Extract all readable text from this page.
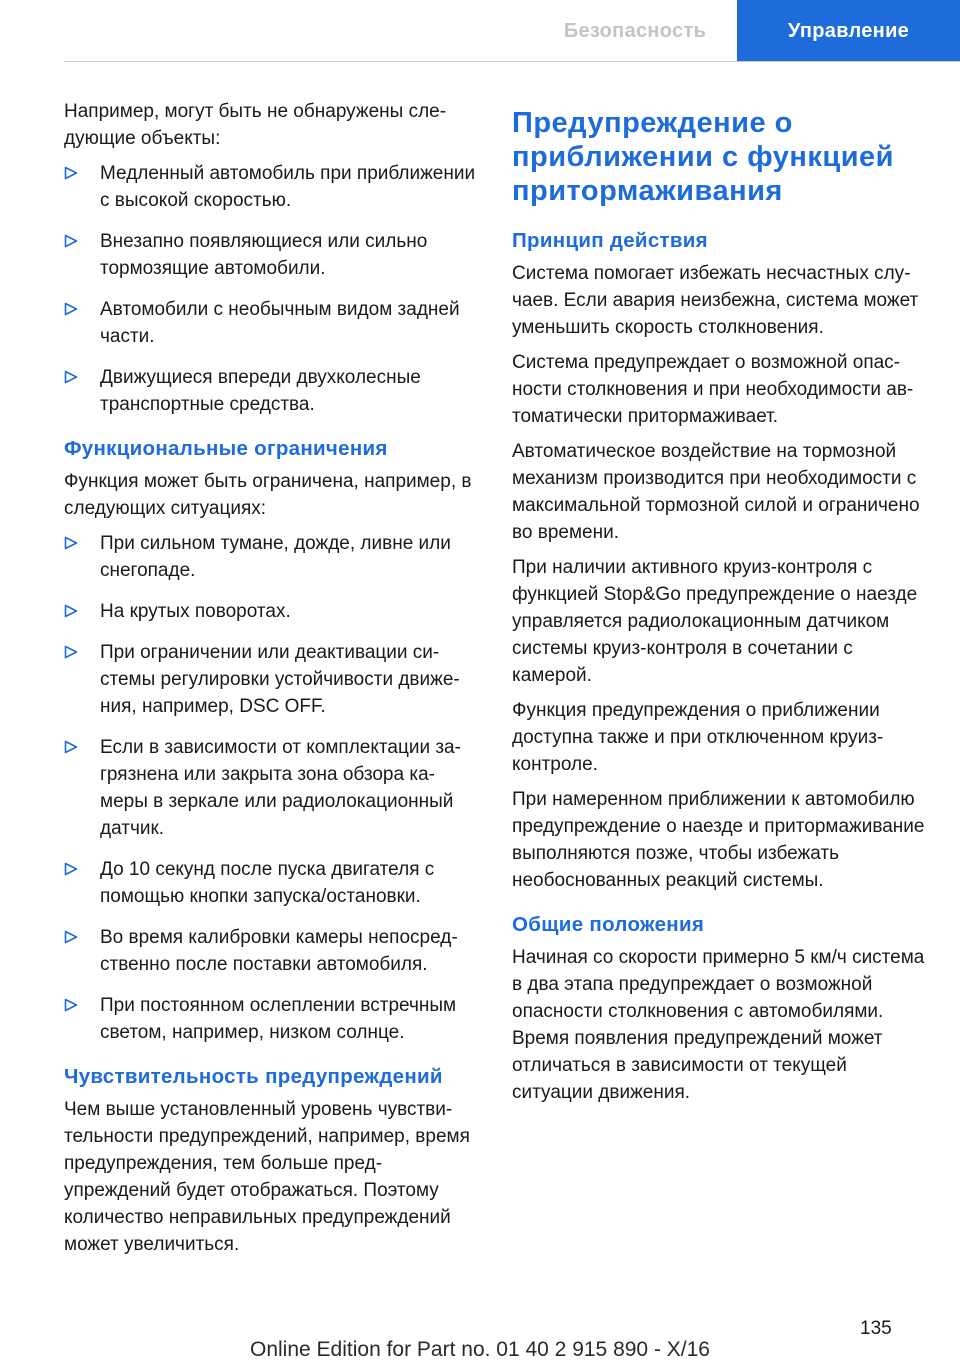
Безопасность	Управление

Например, могут быть не обнаружены следующие объекты:

Медленный автомобиль при приближении с высокой скоростью.
Внезапно появляющиеся или сильно тормозящие автомобили.
Автомобили с необычным видом задней части.
Движущиеся впереди двухколесные транспортные средства.
Функциональные ограничения

Функция может быть ограничена, например, в следующих ситуациях:

При сильном тумане, дожде, ливне или снегопаде.
На крутых поворотах.
При ограничении или деактивации системы регулировки устойчивости движения, например, DSC OFF.
Если в зависимости от комплектации загрязнена или закрыта зона обзора камеры в зеркале или радиолокационный датчик.
До 10 секунд после пуска двигателя с помощью кнопки запуска/остановки.
Во время калибровки камеры непосредственно после поставки автомобиля.
При постоянном ослеплении встречным светом, например, низком солнце.
Чувствительность предупреждений

Чем выше установленный уровень чувствительности предупреждений, например, время предупреждения, тем больше предупреждений будет отображаться. Поэтому количество неправильных предупреждений может увеличиться.

Предупреждение о приближении с функцией притормаживания
Принцип действия

Система помогает избежать несчастных случаев. Если авария неизбежна, система может уменьшить скорость столкновения.

Система предупреждает о возможной опасности столкновения и при необходимости автоматически притормаживает.

Автоматическое воздействие на тормозной механизм производится при необходимости с максимальной тормозной силой и ограничено во времени.

При наличии активного круиз-контроля с функцией Stop&Go предупреждение о наезде управляется радиолокационным датчиком системы круиз-контроля в сочетании с камерой.

Функция предупреждения о приближении доступна также и при отключенном круиз-контроле.

При намеренном приближении к автомобилю предупреждение о наезде и притормaживание выполняются позже, чтобы избежать необоснованных реакций системы.

Общие положения

Начиная со скорости примерно 5 км/ч система в два этапа предупреждает о возможной опасности столкновения с автомобилями. Время появления предупреждений может отличаться в зависимости от текущей ситуации движения.

135
Online Edition for Part no. 01 40 2 915 890 - X/16
